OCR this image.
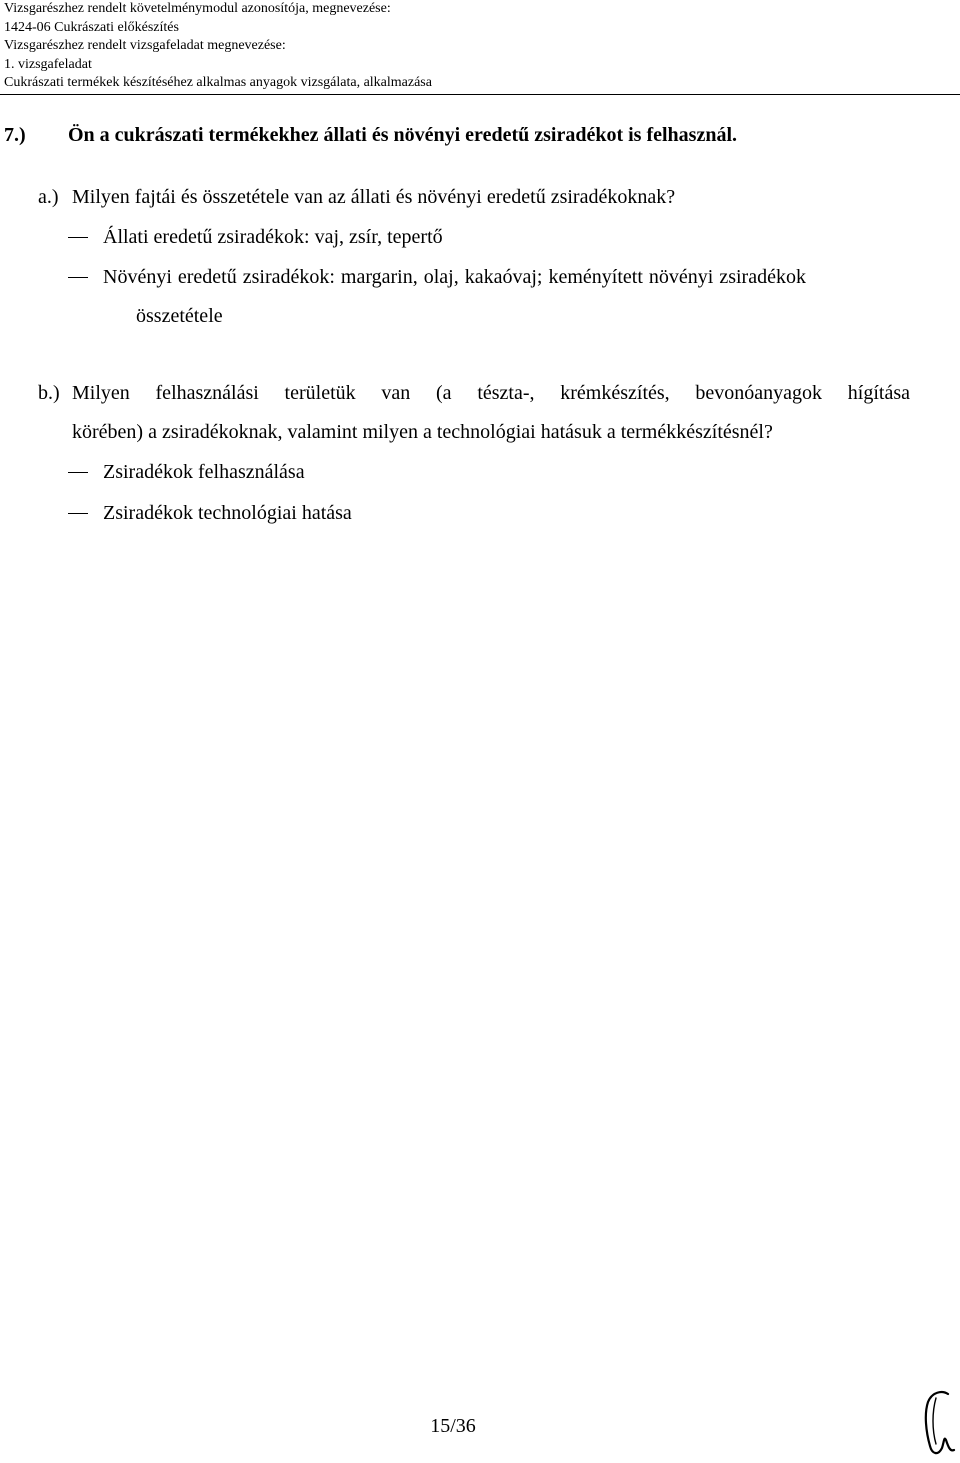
Vizsgarészhez rendelt követelménymodul azonosítója, megnevezése:
1424-06 Cukrászati előkészítés
Vizsgarészhez rendelt vizsgafeladat megnevezése:
1. vizsgafeladat
Cukrászati termékek készítéséhez alkalmas anyagok vizsgálata, alkalmazása
7.) Ön a cukrászati termékekhez állati és növényi eredetű zsiradékot is felhasznál.
a.) Milyen fajtái és összetétele van az állati és növényi eredetű zsiradékoknak?
Állati eredetű zsiradékok: vaj, zsír, tepertő
Növényi eredetű zsiradékok: margarin, olaj, kakaóvaj; keményített növényi zsiradékok
összetétele
b.) Milyen felhasználási területük van (a tészta-, krémkészítés, bevonóanyagok hígítása
körében) a zsiradékoknak, valamint milyen a technológiai hatásuk a termékkészítésnél?
Zsiradékok felhasználása
Zsiradékok technológiai hatása
15/36
